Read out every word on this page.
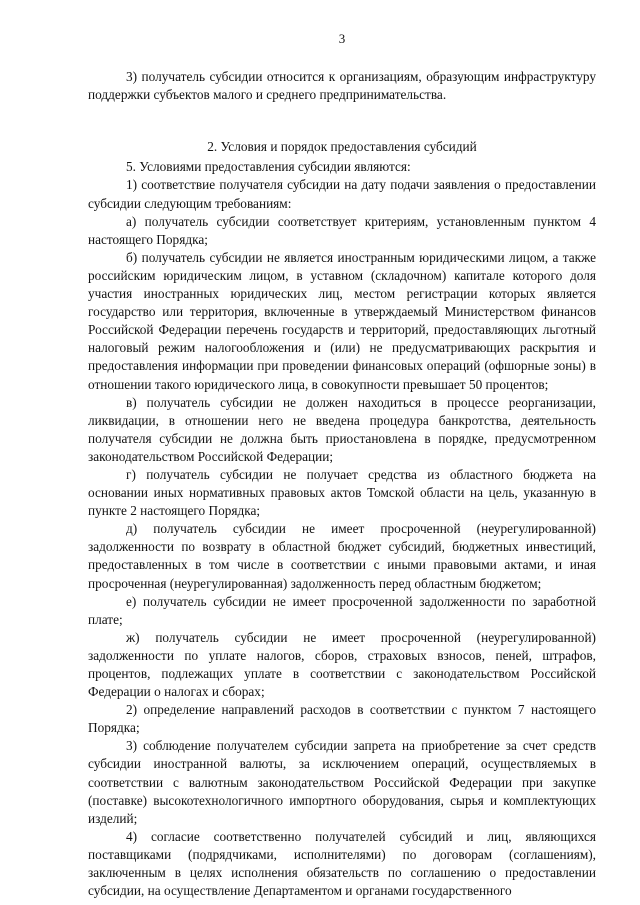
3

3) получатель субсидии относится к организациям, образующим инфраструктуру поддержки субъектов малого и среднего предпринимательства.

2. Условия и порядок предоставления субсидий

5. Условиями предоставления субсидии являются:

1) соответствие получателя субсидии на дату подачи заявления о предоставлении субсидии следующим требованиям:

а) получатель субсидии соответствует критериям, установленным пунктом 4 настоящего Порядка;

б) получатель субсидии не является иностранным юридическими лицом, а также российским юридическим лицом, в уставном (складочном) капитале которого доля участия иностранных юридических лиц, местом регистрации которых является государство или территория, включенные в утверждаемый Министерством финансов Российской Федерации перечень государств и территорий, предоставляющих льготный налоговый режим налогообложения и (или) не предусматривающих раскрытия и предоставления информации при проведении финансовых операций (офшорные зоны) в отношении такого юридического лица, в совокупности превышает 50 процентов;

в) получатель субсидии не должен находиться в процессе реорганизации, ликвидации, в отношении него не введена процедура банкротства, деятельность получателя субсидии не должна быть приостановлена в порядке, предусмотренном законодательством Российской Федерации;

г) получатель субсидии не получает средства из областного бюджета на основании иных нормативных правовых актов Томской области на цель, указанную в пункте 2 настоящего Порядка;

д) получатель субсидии не имеет просроченной (неурегулированной) задолженности по возврату в областной бюджет субсидий, бюджетных инвестиций, предоставленных в том числе в соответствии с иными правовыми актами, и иная просроченная (неурегулированная) задолженность перед областным бюджетом;

е) получатель субсидии не имеет просроченной задолженности по заработной плате;

ж) получатель субсидии не имеет просроченной (неурегулированной) задолженности по уплате налогов, сборов, страховых взносов, пеней, штрафов, процентов, подлежащих уплате в соответствии с законодательством Российской Федерации о налогах и сборах;

2) определение направлений расходов в соответствии с пунктом 7 настоящего Порядка;

3) соблюдение получателем субсидии запрета на приобретение за счет средств субсидии иностранной валюты, за исключением операций, осуществляемых в соответствии с валютным законодательством Российской Федерации при закупке (поставке) высокотехнологичного импортного оборудования, сырья и комплектующих изделий;

4) согласие соответственно получателей субсидий и лиц, являющихся поставщиками (подрядчиками, исполнителями) по договорам (соглашениям), заключенным в целях исполнения обязательств по соглашению о предоставлении субсидии, на осуществление Департаментом и органами государственного
